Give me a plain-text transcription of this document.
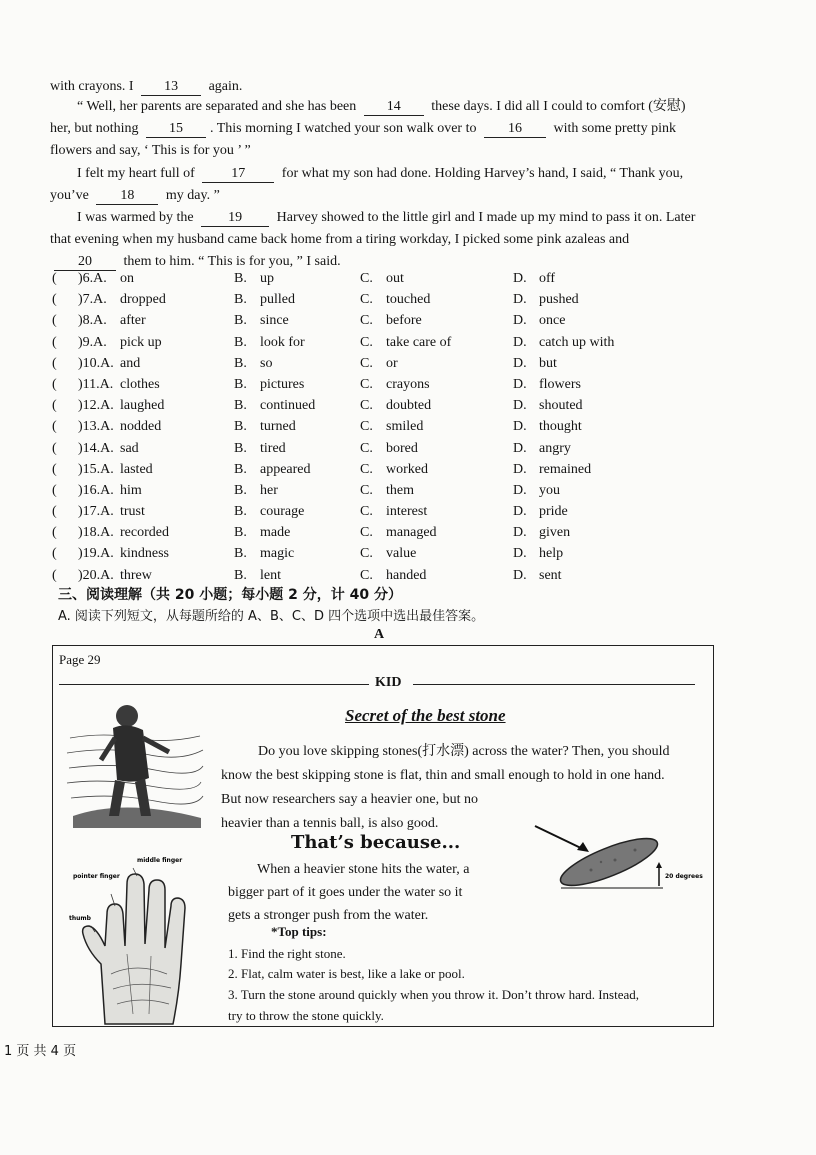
with crayons. I 13 again.

“ Well, her parents are separated and she has been 14 these days. I did all I could to comfort (安慰) her, but nothing 15 . This morning I watched your son walk over to 16 with some pretty pink flowers and say, ‘ This is for you ’ ”

I felt my heart full of	17	for what my son had done. Holding Harvey’s hand, I said, “ Thank you, you’ve 18 my day. ”

I was warmed by the 19 Harvey showed to the little girl and I made up my mind to pass it on. Later that evening when my husband came back home from a tiring workday, I picked some pink azaleas and 20 them to him. “ This is for you, ” I said.

( )6.A. on	B. up	C. out	D. off
( )7.A. dropped	B. pulled	C. touched	D. pushed
( )8.A. after	B. since	C. before	D. once
( )9.A. pick up	B. look for	C. take care of	D. catch up with
( )10.A. and	B. so	C. or	D. but
( )11.A. clothes	B. pictures	C. crayons	D. flowers
( )12.A. laughed	B. continued	C. doubted	D. shouted
( )13.A. nodded	B. turned	C. smiled	D. thought
( )14.A. sad	B. tired	C. bored	D. angry
( )15.A. lasted	B. appeared	C. worked	D. remained
( )16.A. him	B. her	C. them	D. you
( )17.A. trust	B. courage	C. interest	D. pride
( )18.A. recorded	B. made	C. managed	D. given
( )19.A. kindness	B. magic	C. value	D. help
( )20.A. threw	B. lent	C. handed	D. sent
三、阅读理解（共 20 小题；每小题 2 分，计 40 分）
A. 阅读下列短文，从每题所给的 A、B、C、D 四个选项中选出最佳答案。
A
Page 29
KID
middle finger
pointer finger
thumb
Secret of the best stone
Do you love skipping stones(打水漂) across the water? Then, you should
know the best skipping stone is flat, thin and small enough to hold in one hand.
But now researchers say a heavier one, but no
heavier than a tennis ball, is also good.
That’s because...
When a heavier stone hits the water, a
bigger part of it goes under the water so it
gets a stronger push from the water.
20 degrees
*Top tips:
1. Find the right stone.
2. Flat, calm water is best, like a lake or pool.
3. Turn the stone around quickly when you throw it. Don’t throw hard. Instead,
try to throw the stone quickly.
1 页 共 4 页
